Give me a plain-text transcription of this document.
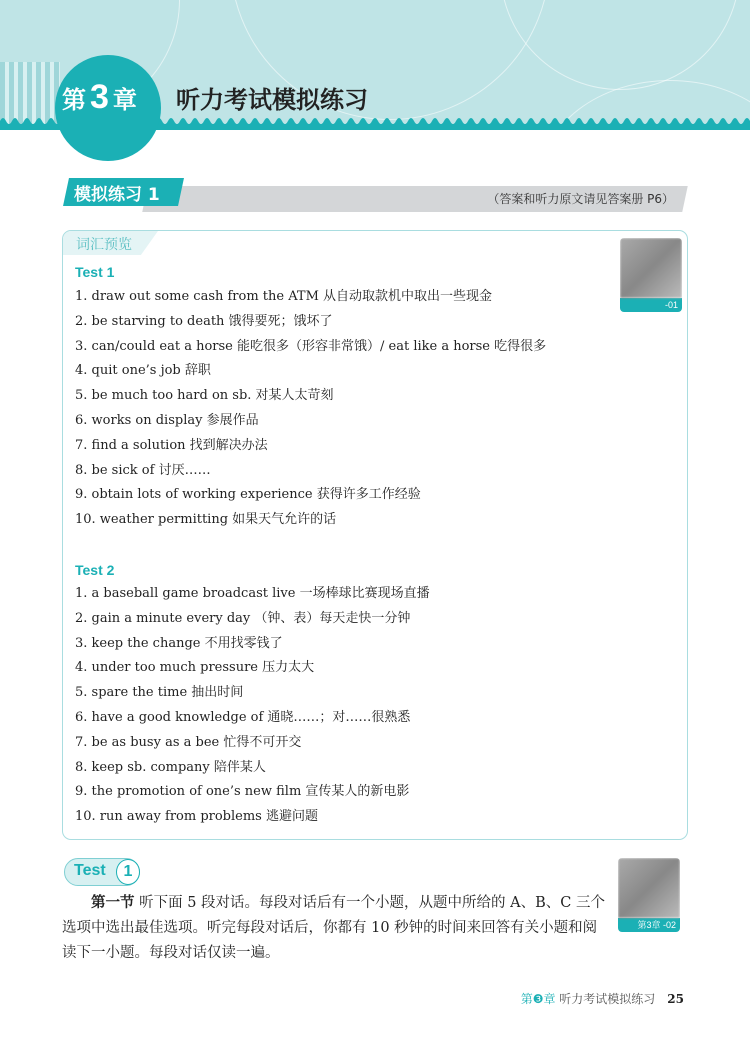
第 3 章 听力考试模拟练习
模拟练习 1	（答案和听力原文请见答案册 P6）
词汇预览
-01
Test 1
1. draw out some cash from the ATM 从自动取款机中取出一些现金
2. be starving to death 饿得要死；饿坏了
3. can/could eat a horse 能吃很多（形容非常饿）/ eat like a horse 吃得很多
4. quit one’s job 辞职
5. be much too hard on sb. 对某人太苛刻
6. works on display 参展作品
7. find a solution 找到解决办法
8. be sick of 讨厌……
9. obtain lots of working experience 获得许多工作经验
10. weather permitting 如果天气允许的话
Test 2
1. a baseball game broadcast live 一场棒球比赛现场直播
2. gain a minute every day （钟、表）每天走快一分钟
3. keep the change 不用找零钱了
4. under too much pressure 压力太大
5. spare the time 抽出时间
6. have a good knowledge of 通晓……；对……很熟悉
7. be as busy as a bee 忙得不可开交
8. keep sb. company 陪伴某人
9. the promotion of one’s new film 宣传某人的新电影
10. run away from problems 逃避问题
Test	1
第3章 -02
第一节 听下面 5 段对话。每段对话后有一个小题，从题中所给的 A、B、C 三个选项中选出最佳选项。听完每段对话后，你都有 10 秒钟的时间来回答有关小题和阅读下一小题。每段对话仅读一遍。
第❸章 听力考试模拟练习 25
